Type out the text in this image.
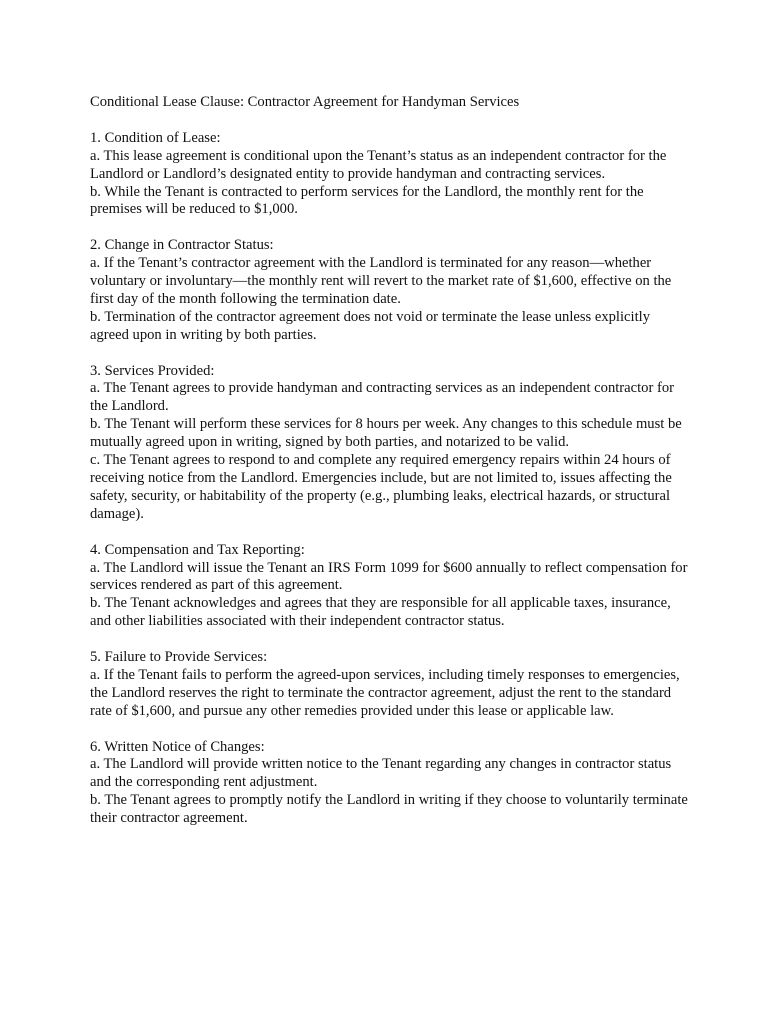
Conditional Lease Clause: Contractor Agreement for Handyman Services
1. Condition of Lease:
a. This lease agreement is conditional upon the Tenant’s status as an independent contractor for the Landlord or Landlord’s designated entity to provide handyman and contracting services.
b. While the Tenant is contracted to perform services for the Landlord, the monthly rent for the premises will be reduced to $1,000.
2. Change in Contractor Status:
a. If the Tenant’s contractor agreement with the Landlord is terminated for any reason—whether voluntary or involuntary—the monthly rent will revert to the market rate of $1,600, effective on the first day of the month following the termination date.
b. Termination of the contractor agreement does not void or terminate the lease unless explicitly agreed upon in writing by both parties.
3. Services Provided:
a. The Tenant agrees to provide handyman and contracting services as an independent contractor for the Landlord.
b. The Tenant will perform these services for 8 hours per week. Any changes to this schedule must be mutually agreed upon in writing, signed by both parties, and notarized to be valid.
c. The Tenant agrees to respond to and complete any required emergency repairs within 24 hours of receiving notice from the Landlord. Emergencies include, but are not limited to, issues affecting the safety, security, or habitability of the property (e.g., plumbing leaks, electrical hazards, or structural damage).
4. Compensation and Tax Reporting:
a. The Landlord will issue the Tenant an IRS Form 1099 for $600 annually to reflect compensation for services rendered as part of this agreement.
b. The Tenant acknowledges and agrees that they are responsible for all applicable taxes, insurance, and other liabilities associated with their independent contractor status.
5. Failure to Provide Services:
a. If the Tenant fails to perform the agreed-upon services, including timely responses to emergencies, the Landlord reserves the right to terminate the contractor agreement, adjust the rent to the standard rate of $1,600, and pursue any other remedies provided under this lease or applicable law.
6. Written Notice of Changes:
a. The Landlord will provide written notice to the Tenant regarding any changes in contractor status and the corresponding rent adjustment.
b. The Tenant agrees to promptly notify the Landlord in writing if they choose to voluntarily terminate their contractor agreement.
